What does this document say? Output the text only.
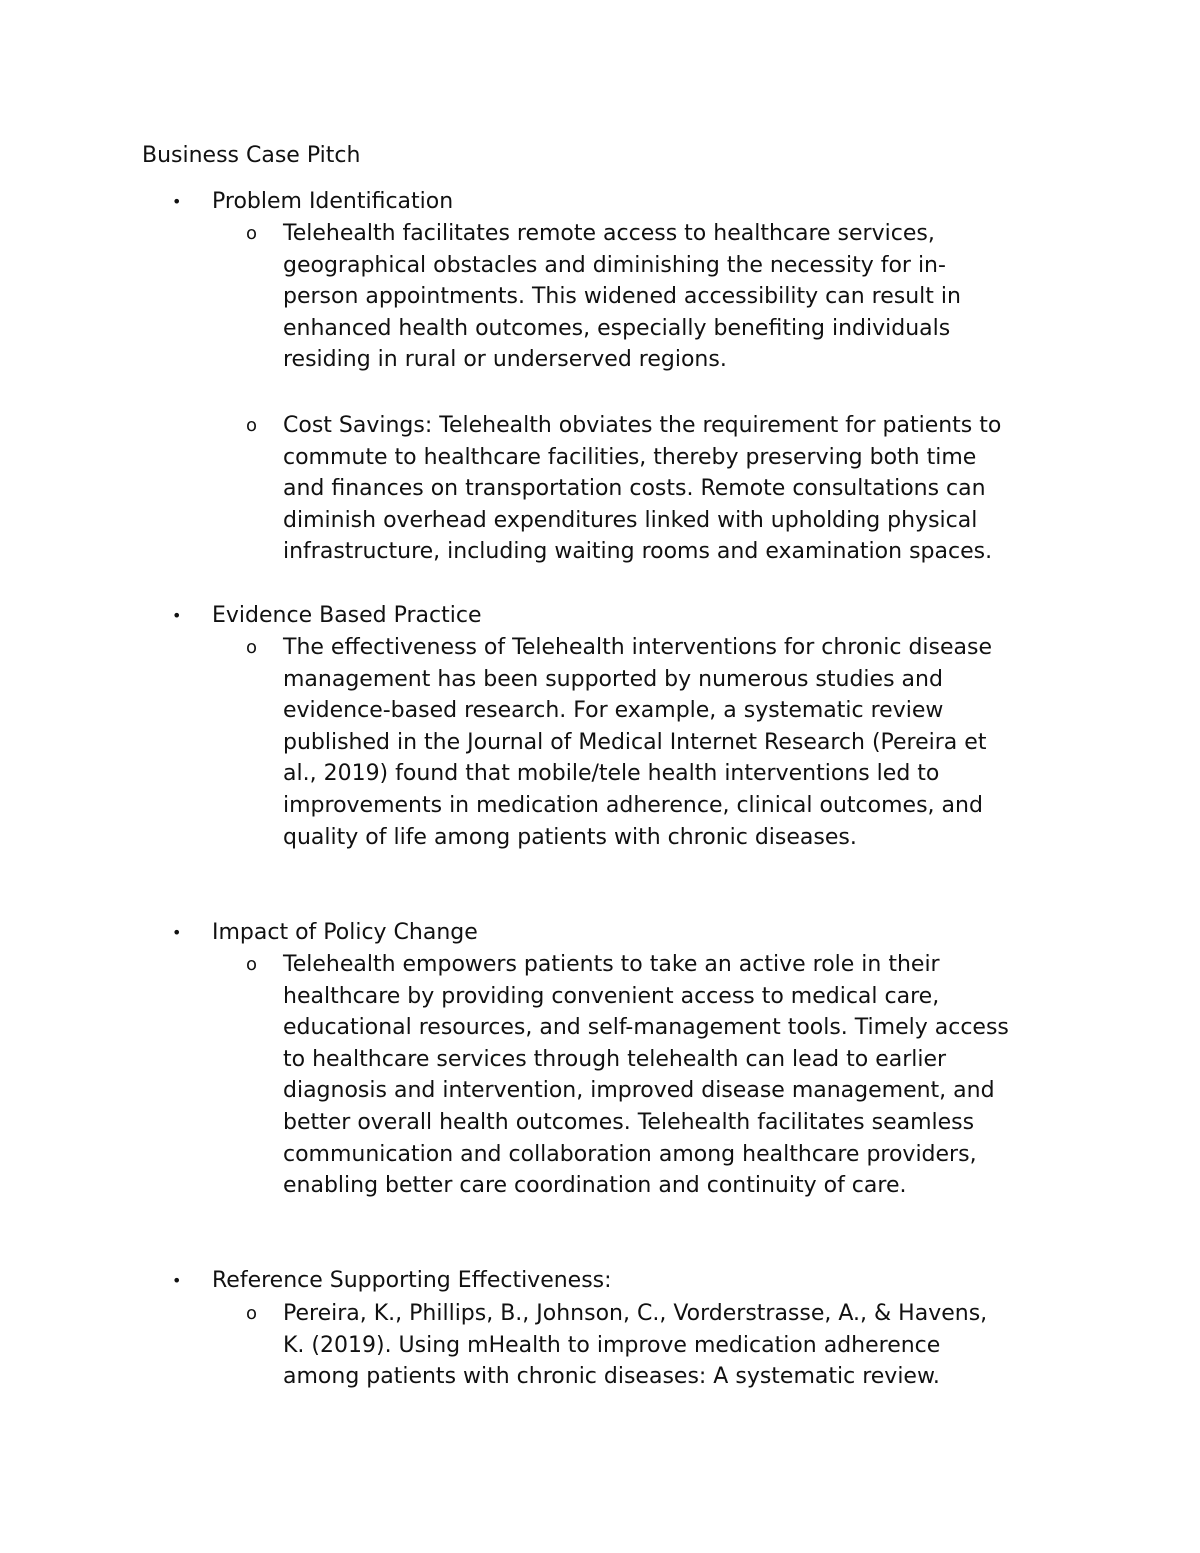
Business Case Pitch
• Problem Identification
o Telehealth facilitates remote access to healthcare services,
geographical obstacles and diminishing the necessity for in-
person appointments. This widened accessibility can result in
enhanced health outcomes, especially benefiting individuals
residing in rural or underserved regions.
o Cost Savings: Telehealth obviates the requirement for patients to
commute to healthcare facilities, thereby preserving both time
and finances on transportation costs. Remote consultations can
diminish overhead expenditures linked with upholding physical
infrastructure, including waiting rooms and examination spaces.
• Evidence Based Practice
o The effectiveness of Telehealth interventions for chronic disease
management has been supported by numerous studies and
evidence-based research. For example, a systematic review
published in the Journal of Medical Internet Research (Pereira et
al., 2019) found that mobile/tele health interventions led to
improvements in medication adherence, clinical outcomes, and
quality of life among patients with chronic diseases.
• Impact of Policy Change
o Telehealth empowers patients to take an active role in their
healthcare by providing convenient access to medical care,
educational resources, and self-management tools. Timely access
to healthcare services through telehealth can lead to earlier
diagnosis and intervention, improved disease management, and
better overall health outcomes. Telehealth facilitates seamless
communication and collaboration among healthcare providers,
enabling better care coordination and continuity of care.
• Reference Supporting Effectiveness:
o Pereira, K., Phillips, B., Johnson, C., Vorderstrasse, A., & Havens,
K. (2019). Using mHealth to improve medication adherence
among patients with chronic diseases: A systematic review.
